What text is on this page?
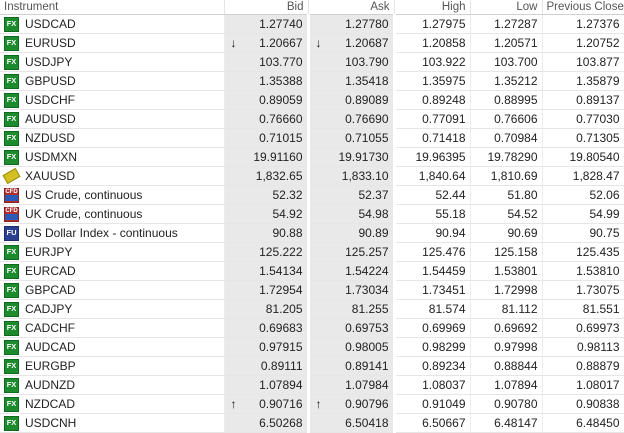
Instrument	Bid	Ask	High	Low	Previous Close

FX USDCAD	1.27740	1.27780	1.27975	1.27287	1.27376

FX EURUSD	↓ 1.20667	↓ 1.20687	1.20858	1.20571	1.20752

FX USDJPY	103.770	103.790	103.922	103.700	103.877

FX GBPUSD	1.35388	1.35418	1.35975	1.35212	1.35879

FX USDCHF	0.89059	0.89089	0.89248	0.88995	0.89137

FX AUDUSD	0.76660	0.76690	0.77091	0.76606	0.77030

FX NZDUSD	0.71015	0.71055	0.71418	0.70984	0.71305

FX USDMXN	19.91160	19.91730	19.96395	19.78290	19.80540

XAUUSD	1,832.65	1,833.10	1,840.64	1,810.69	1,828.47

CFD US Crude, continuous	52.32	52.37	52.44	51.80	52.06

CFD UK Crude, continuous	54.92	54.98	55.18	54.52	54.99

FU US Dollar Index - continuous	90.88	90.89	90.94	90.69	90.75

FX EURJPY	125.222	125.257	125.476	125.158	125.435

FX EURCAD	1.54134	1.54224	1.54459	1.53801	1.53810

FX GBPCAD	1.72954	1.73034	1.73451	1.72998	1.73075

FX CADJPY	81.205	81.255	81.574	81.112	81.551

FX CADCHF	0.69683	0.69753	0.69969	0.69692	0.69973

FX AUDCAD	0.97915	0.98005	0.98299	0.97998	0.98113

FX EURGBP	0.89111	0.89141	0.89234	0.88844	0.88879

FX AUDNZD	1.07894	1.07984	1.08037	1.07894	1.08017

FX NZDCAD	↑ 0.90716	↑ 0.90796	0.91049	0.90780	0.90838

FX USDCNH	6.50268	6.50418	6.50667	6.48147	6.48450
